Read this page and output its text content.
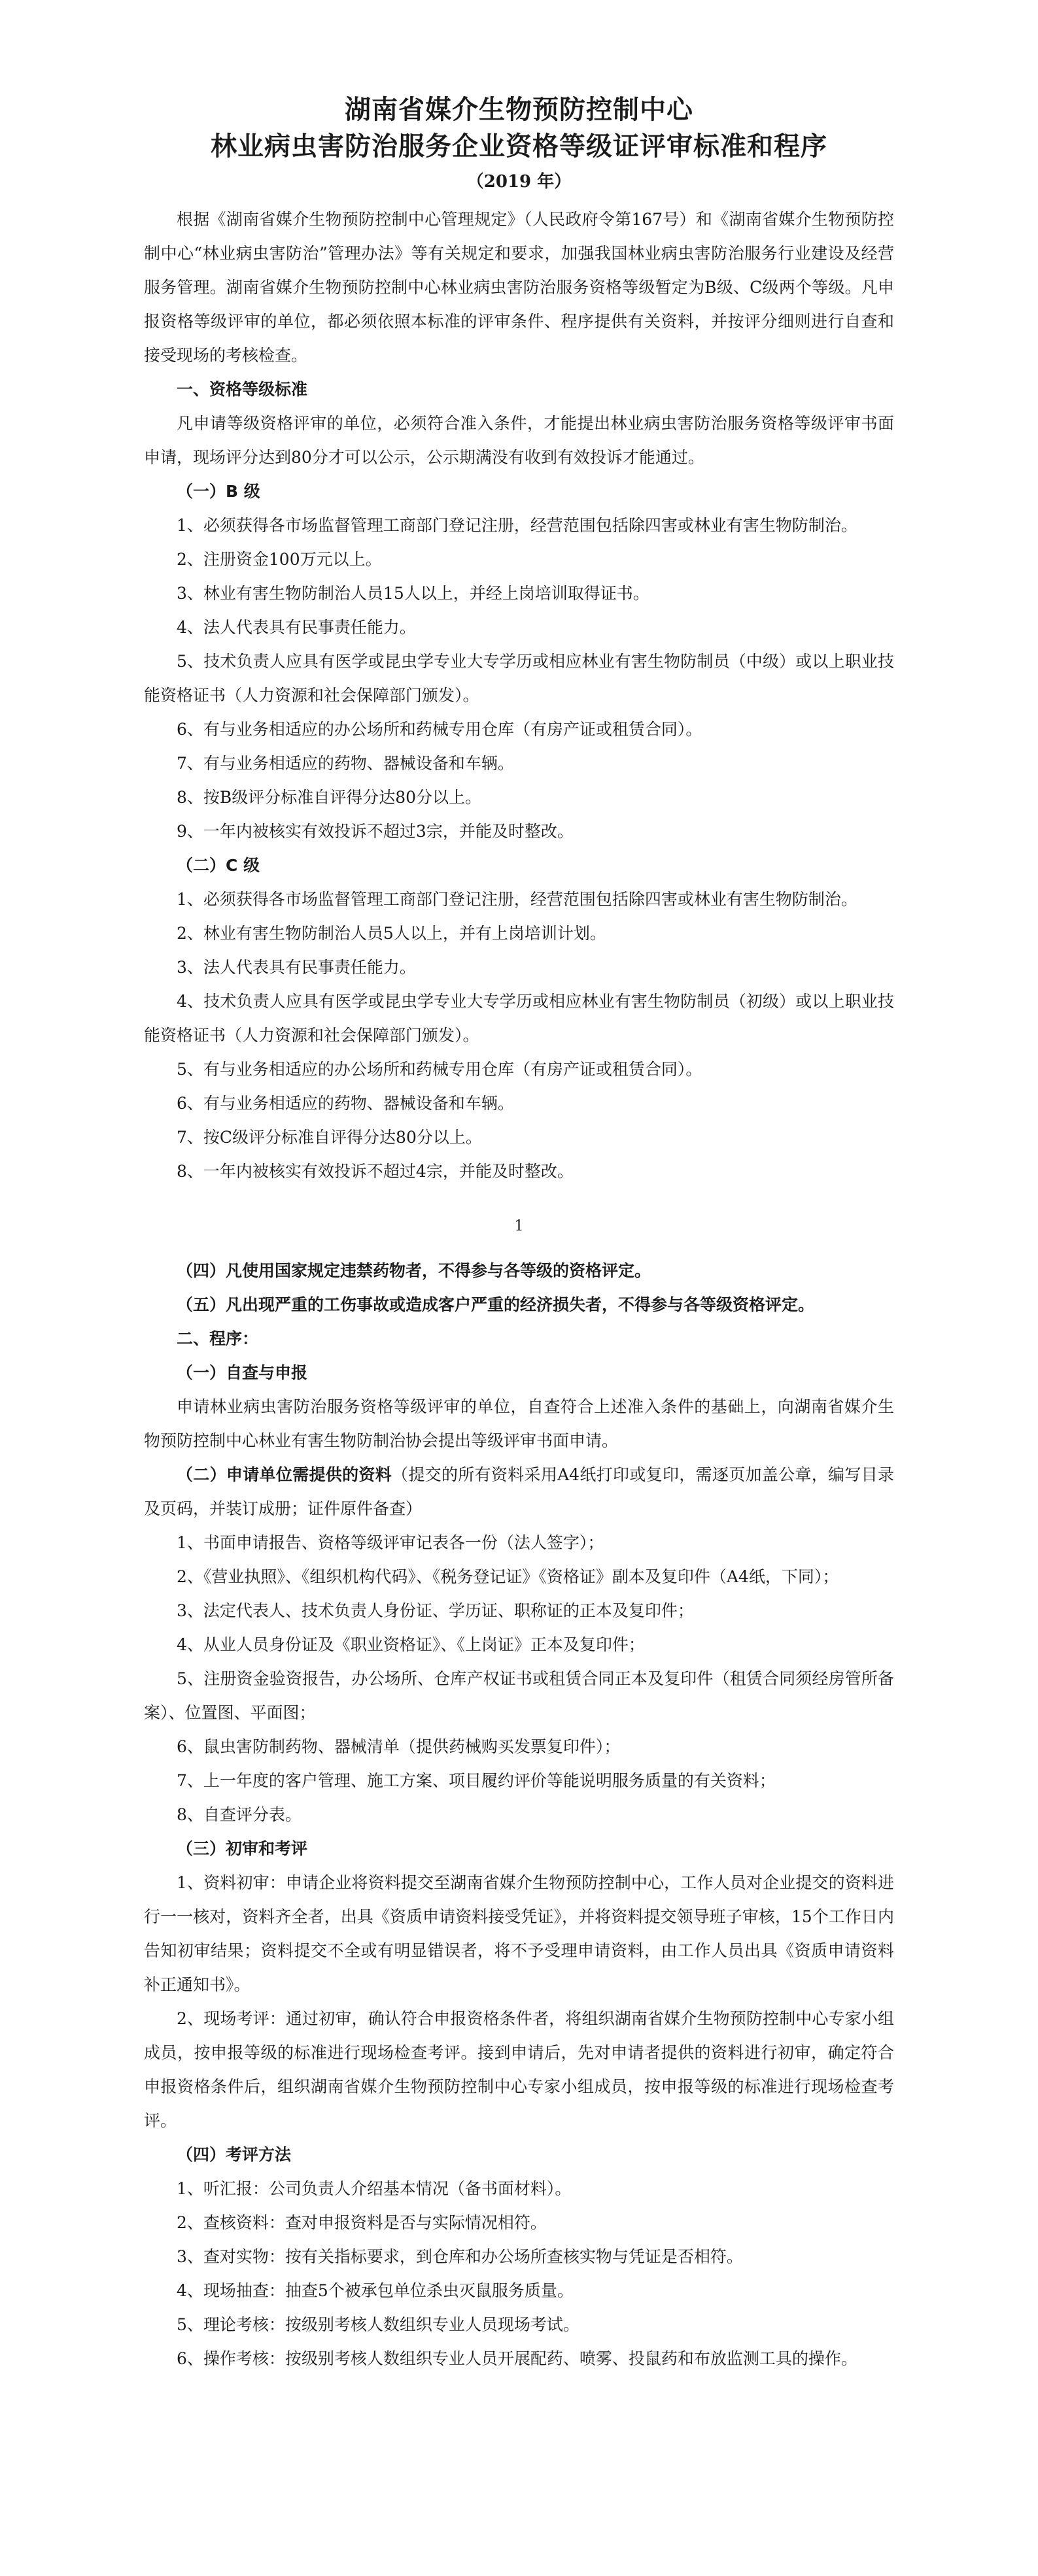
湖南省媒介生物预防控制中心
林业病虫害防治服务企业资格等级证评审标准和程序
（2019 年）

根据《湖南省媒介生物预防控制中心管理规定》（人民政府令第167号）和《湖南省媒介生物预防控制中心“林业病虫害防治”管理办法》等有关规定和要求，加强我国林业病虫害防治服务行业建设及经营服务管理。湖南省媒介生物预防控制中心林业病虫害防治服务资格等级暂定为B级、C级两个等级。凡申报资格等级评审的单位，都必须依照本标准的评审条件、程序提供有关资料，并按评分细则进行自查和接受现场的考核检查。

一、资格等级标准

凡申请等级资格评审的单位，必须符合准入条件，才能提出林业病虫害防治服务资格等级评审书面申请，现场评分达到80分才可以公示，公示期满没有收到有效投诉才能通过。

（一）B 级

1、必须获得各市场监督管理工商部门登记注册，经营范围包括除四害或林业有害生物防制治。

2、注册资金100万元以上。

3、林业有害生物防制治人员15人以上，并经上岗培训取得证书。

4、法人代表具有民事责任能力。

5、技术负责人应具有医学或昆虫学专业大专学历或相应林业有害生物防制员（中级）或以上职业技能资格证书（人力资源和社会保障部门颁发）。

6、有与业务相适应的办公场所和药械专用仓库（有房产证或租赁合同）。

7、有与业务相适应的药物、器械设备和车辆。

8、按B级评分标准自评得分达80分以上。

9、一年内被核实有效投诉不超过3宗，并能及时整改。

（二）C 级

1、必须获得各市场监督管理工商部门登记注册，经营范围包括除四害或林业有害生物防制治。

2、林业有害生物防制治人员5人以上，并有上岗培训计划。

3、法人代表具有民事责任能力。

4、技术负责人应具有医学或昆虫学专业大专学历或相应林业有害生物防制员（初级）或以上职业技能资格证书（人力资源和社会保障部门颁发）。

5、有与业务相适应的办公场所和药械专用仓库（有房产证或租赁合同）。

6、有与业务相适应的药物、器械设备和车辆。

7、按C级评分标准自评得分达80分以上。

8、一年内被核实有效投诉不超过4宗，并能及时整改。

1

（四）凡使用国家规定违禁药物者，不得参与各等级的资格评定。

（五）凡出现严重的工伤事故或造成客户严重的经济损失者，不得参与各等级资格评定。

二、程序：

（一）自查与申报

申请林业病虫害防治服务资格等级评审的单位，自查符合上述准入条件的基础上，向湖南省媒介生物预防控制中心林业有害生物防制治协会提出等级评审书面申请。

（二）申请单位需提供的资料（提交的所有资料采用A4纸打印或复印，需逐页加盖公章，编写目录及页码，并装订成册；证件原件备查）

1、书面申请报告、资格等级评审记表各一份（法人签字）；

2、《营业执照》、《组织机构代码》、《税务登记证》《资格证》副本及复印件（A4纸，下同）；

3、法定代表人、技术负责人身份证、学历证、职称证的正本及复印件；

4、从业人员身份证及《职业资格证》、《上岗证》正本及复印件；

5、注册资金验资报告，办公场所、仓库产权证书或租赁合同正本及复印件（租赁合同须经房管所备案）、位置图、平面图；

6、鼠虫害防制药物、器械清单（提供药械购买发票复印件）；

7、上一年度的客户管理、施工方案、项目履约评价等能说明服务质量的有关资料；

8、自查评分表。

（三）初审和考评

1、资料初审：申请企业将资料提交至湖南省媒介生物预防控制中心，工作人员对企业提交的资料进行一一核对，资料齐全者，出具《资质申请资料接受凭证》，并将资料提交领导班子审核，15个工作日内告知初审结果；资料提交不全或有明显错误者，将不予受理申请资料，由工作人员出具《资质申请资料补正通知书》。

2、现场考评：通过初审，确认符合申报资格条件者，将组织湖南省媒介生物预防控制中心专家小组成员，按申报等级的标准进行现场检查考评。接到申请后，先对申请者提供的资料进行初审，确定符合申报资格条件后，组织湖南省媒介生物预防控制中心专家小组成员，按申报等级的标准进行现场检查考评。

（四）考评方法

1、听汇报：公司负责人介绍基本情况（备书面材料）。

2、查核资料：查对申报资料是否与实际情况相符。

3、查对实物：按有关指标要求，到仓库和办公场所查核实物与凭证是否相符。

4、现场抽查：抽查5个被承包单位杀虫灭鼠服务质量。

5、理论考核：按级别考核人数组织专业人员现场考试。

6、操作考核：按级别考核人数组织专业人员开展配药、喷雾、投鼠药和布放监测工具的操作。
